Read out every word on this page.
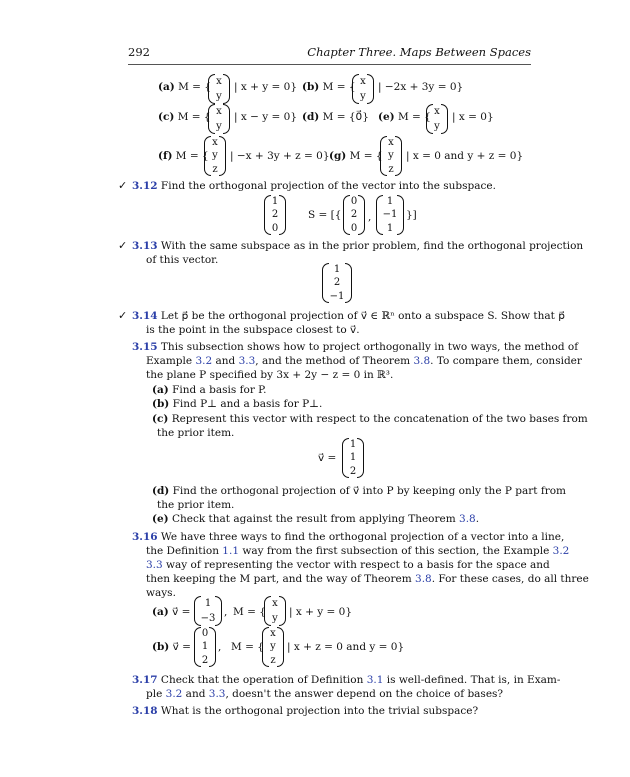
292	Chapter Three. Maps Between Spaces
(a) M = { x
y
| x + y = 0} (b) M = { x
y
| −2x + 3y = 0}
(c) M = { x
y
| x − y = 0} (d) M = {0⃗} (e) M = { x
y
| x = 0}
(f) M = {
x
y
z
| −x + 3y + z = 0} (g) M = {
x
y
z
| x = 0 and y + z = 0}
✓ 3.12 Find the orthogonal projection of the vector into the subspace.
1
2
0
S = [{
0
2
0
,
1
−1
1
}]
✓ 3.13 With the same subspace as in the prior problem, find the orthogonal projection
of this vector.
1
2
−1
✓ 3.14 Let p⃗ be the orthogonal projection of v⃗ ∈ ℝⁿ onto a subspace S. Show that p⃗
is the point in the subspace closest to v⃗.
3.15 This subsection shows how to project orthogonally in two ways, the method of
Example 3.2 and 3.3, and the method of Theorem 3.8. To compare them, consider
the plane P specified by 3x + 2y − z = 0 in ℝ³.
(a) Find a basis for P.
(b) Find P⊥ and a basis for P⊥.
(c) Represent this vector with respect to the concatenation of the two bases from
the prior item.
v⃗ =
1
1
2
(d) Find the orthogonal projection of v⃗ into P by keeping only the P part from
the prior item.
(e) Check that against the result from applying Theorem 3.8.
3.16 We have three ways to find the orthogonal projection of a vector into a line,
the Definition 1.1 way from the first subsection of this section, the Example 3.2
3.3 way of representing the vector with respect to a basis for the space and
then keeping the M part, and the way of Theorem 3.8. For these cases, do all three
ways.
(a) v⃗ =
1
−3
, M = {
x
y
| x + y = 0}
(b) v⃗ =
0
1
2
, M = {
x
y
z
| x + z = 0 and y = 0}
3.17 Check that the operation of Definition 3.1 is well-defined. That is, in Exam-
ple 3.2 and 3.3, doesn't the answer depend on the choice of bases?
3.18 What is the orthogonal projection into the trivial subspace?
